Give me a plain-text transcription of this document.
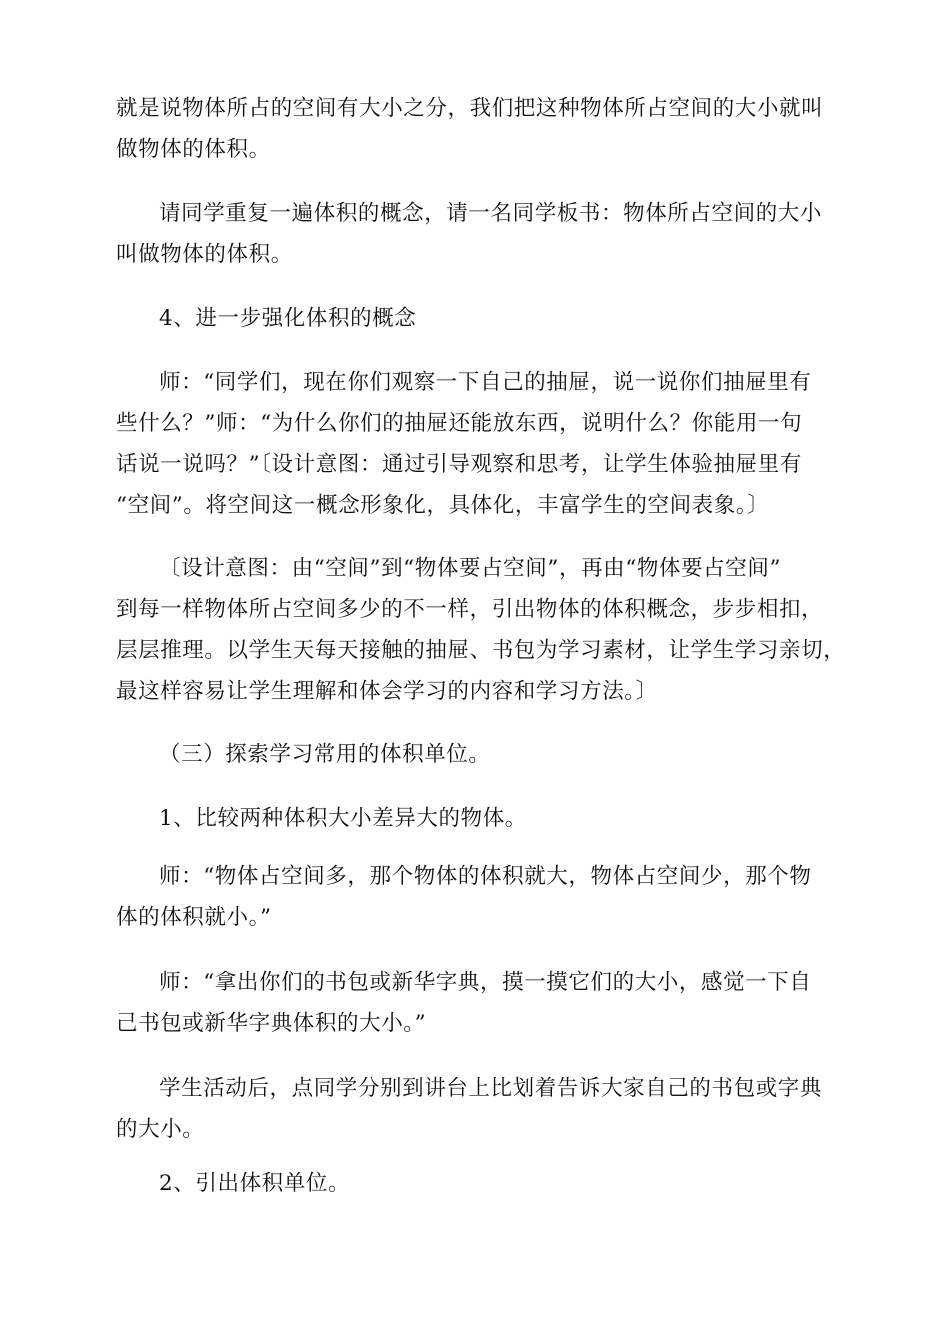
就是说物体所占的空间有大小之分，我们把这种物体所占空间的大小就叫
做物体的体积。

请同学重复一遍体积的概念，请一名同学板书：物体所占空间的大小
叫做物体的体积。

4、进一步强化体积的概念

师：“同学们，现在你们观察一下自己的抽屉，说一说你们抽屉里有
些什么？”师：“为什么你们的抽屉还能放东西，说明什么？你能用一句
话说一说吗？”〔设计意图：通过引导观察和思考，让学生体验抽屉里有
“空间”。将空间这一概念形象化，具体化，丰富学生的空间表象。〕

〔设计意图：由“空间”到“物体要占空间”，再由“物体要占空间”
到每一样物体所占空间多少的不一样，引出物体的体积概念，步步相扣，
层层推理。以学生天每天接触的抽屉、书包为学习素材，让学生学习亲切，
最这样容易让学生理解和体会学习的内容和学习方法。〕

（三）探索学习常用的体积单位。

1、比较两种体积大小差异大的物体。

师：“物体占空间多，那个物体的体积就大，物体占空间少，那个物
体的体积就小。”

师：“拿出你们的书包或新华字典，摸一摸它们的大小，感觉一下自
己书包或新华字典体积的大小。”

学生活动后，点同学分别到讲台上比划着告诉大家自己的书包或字典
的大小。

2、引出体积单位。
